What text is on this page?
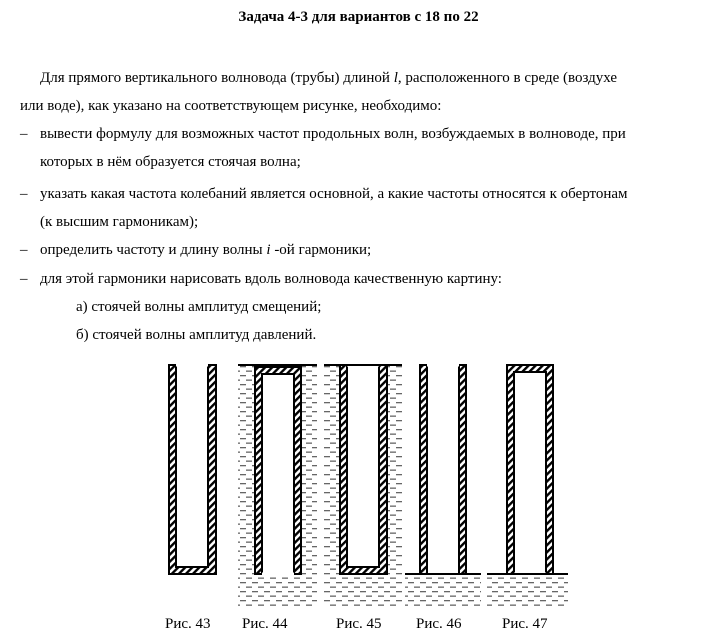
Задача 4-3 для вариантов с 18 по 22
Для прямого вертикального волновода (трубы) длиной l, расположенного в среде (воздухе
или воде), как указано на соответствующем рисунке, необходимо:
– вывести формулу для возможных частот продольных волн, возбуждаемых в волноводе, при
которых в нём образуется стоячая волна;
– указать какая частота колебаний является основной, а какие частоты относятся к обертонам
(к высшим гармоникам);
– определить частоту и длину волны i -ой гармоники;
– для этой гармоники нарисовать вдоль волновода качественную картину:
а) стоячей волны амплитуд смещений;
б) стоячей волны амплитуд давлений.
Рис. 43 Рис. 44	Рис. 45 Рис. 46	Рис. 47
